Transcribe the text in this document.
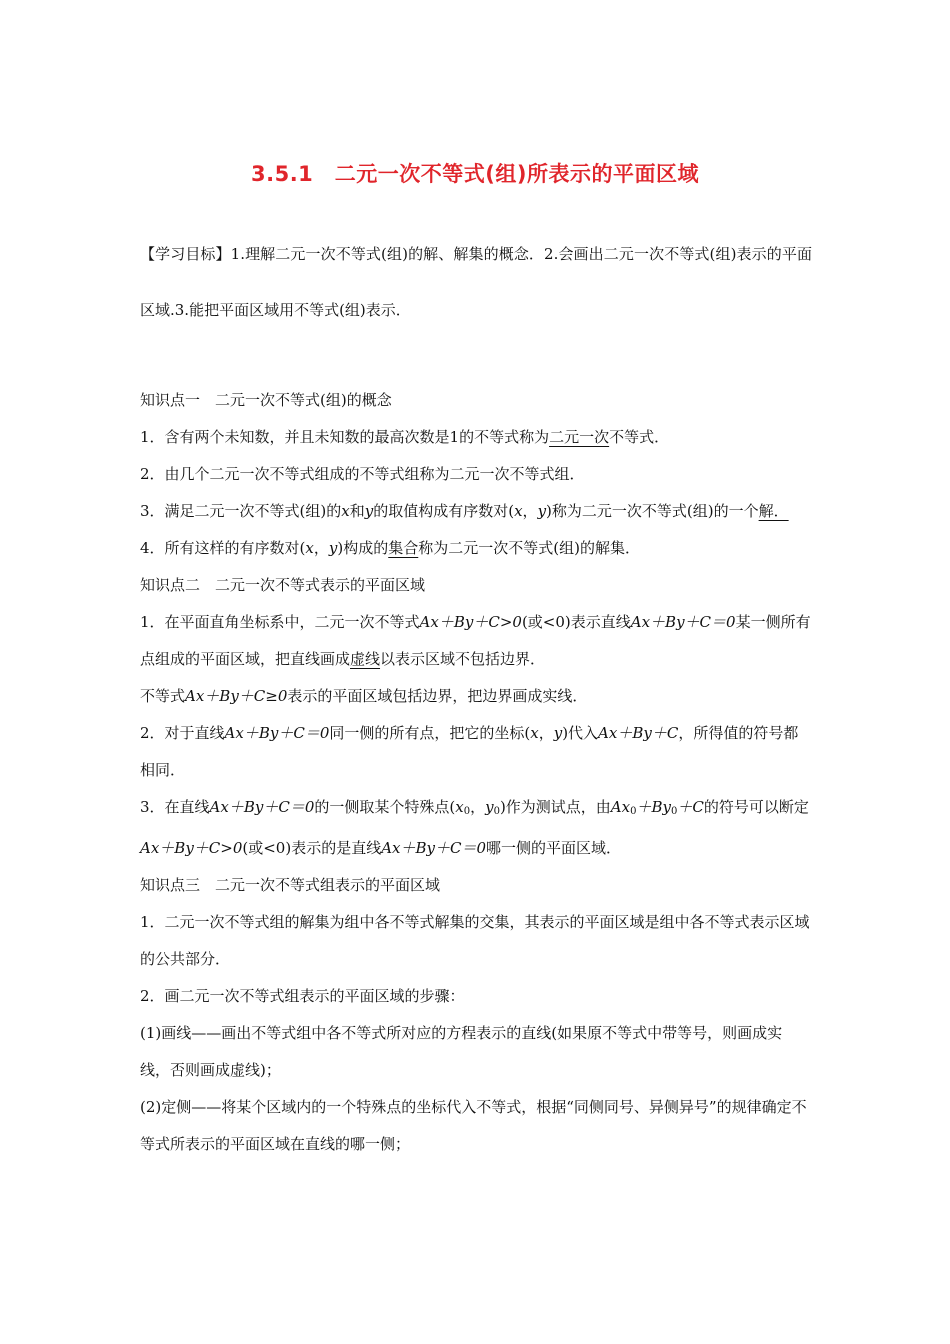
3.5.1　二元一次不等式(组)所表示的平面区域

【学习目标】1.理解二元一次不等式(组)的解、解集的概念．2.会画出二元一次不等式(组)表示的平面区域.3.能把平面区域用不等式(组)表示．

知识点一　二元一次不等式(组)的概念

1．含有两个未知数，并且未知数的最高次数是1的不等式称为二元一次不等式．

2．由几个二元一次不等式组成的不等式组称为二元一次不等式组．

3．满足二元一次不等式(组)的x和y的取值构成有序数对(x，y)称为二元一次不等式(组)的一个解．

4．所有这样的有序数对(x，y)构成的集合称为二元一次不等式(组)的解集．

知识点二　二元一次不等式表示的平面区域

1．在平面直角坐标系中，二元一次不等式Ax＋By＋C>0(或<0)表示直线Ax＋By＋C＝0某一侧所有点组成的平面区域，把直线画成虚线以表示区域不包括边界．

不等式Ax＋By＋C≥0表示的平面区域包括边界，把边界画成实线．

2．对于直线Ax＋By＋C＝0同一侧的所有点，把它的坐标(x，y)代入Ax＋By＋C，所得值的符号都相同．

3．在直线Ax＋By＋C＝0的一侧取某个特殊点($x_0$，$y_0$)作为测试点，由$Ax_0+By_0+C$的符号可以断定Ax＋By＋C>0(或<0)表示的是直线Ax＋By＋C＝0哪一侧的平面区域．

知识点三　二元一次不等式组表示的平面区域

1．二元一次不等式组的解集为组中各不等式解集的交集，其表示的平面区域是组中各不等式表示区域的公共部分．

2．画二元一次不等式组表示的平面区域的步骤：

(1)画线——画出不等式组中各不等式所对应的方程表示的直线(如果原不等式中带等号，则画成实线，否则画成虚线)；

(2)定侧——将某个区域内的一个特殊点的坐标代入不等式，根据“同侧同号、异侧异号”的规律确定不等式所表示的平面区域在直线的哪一侧；
